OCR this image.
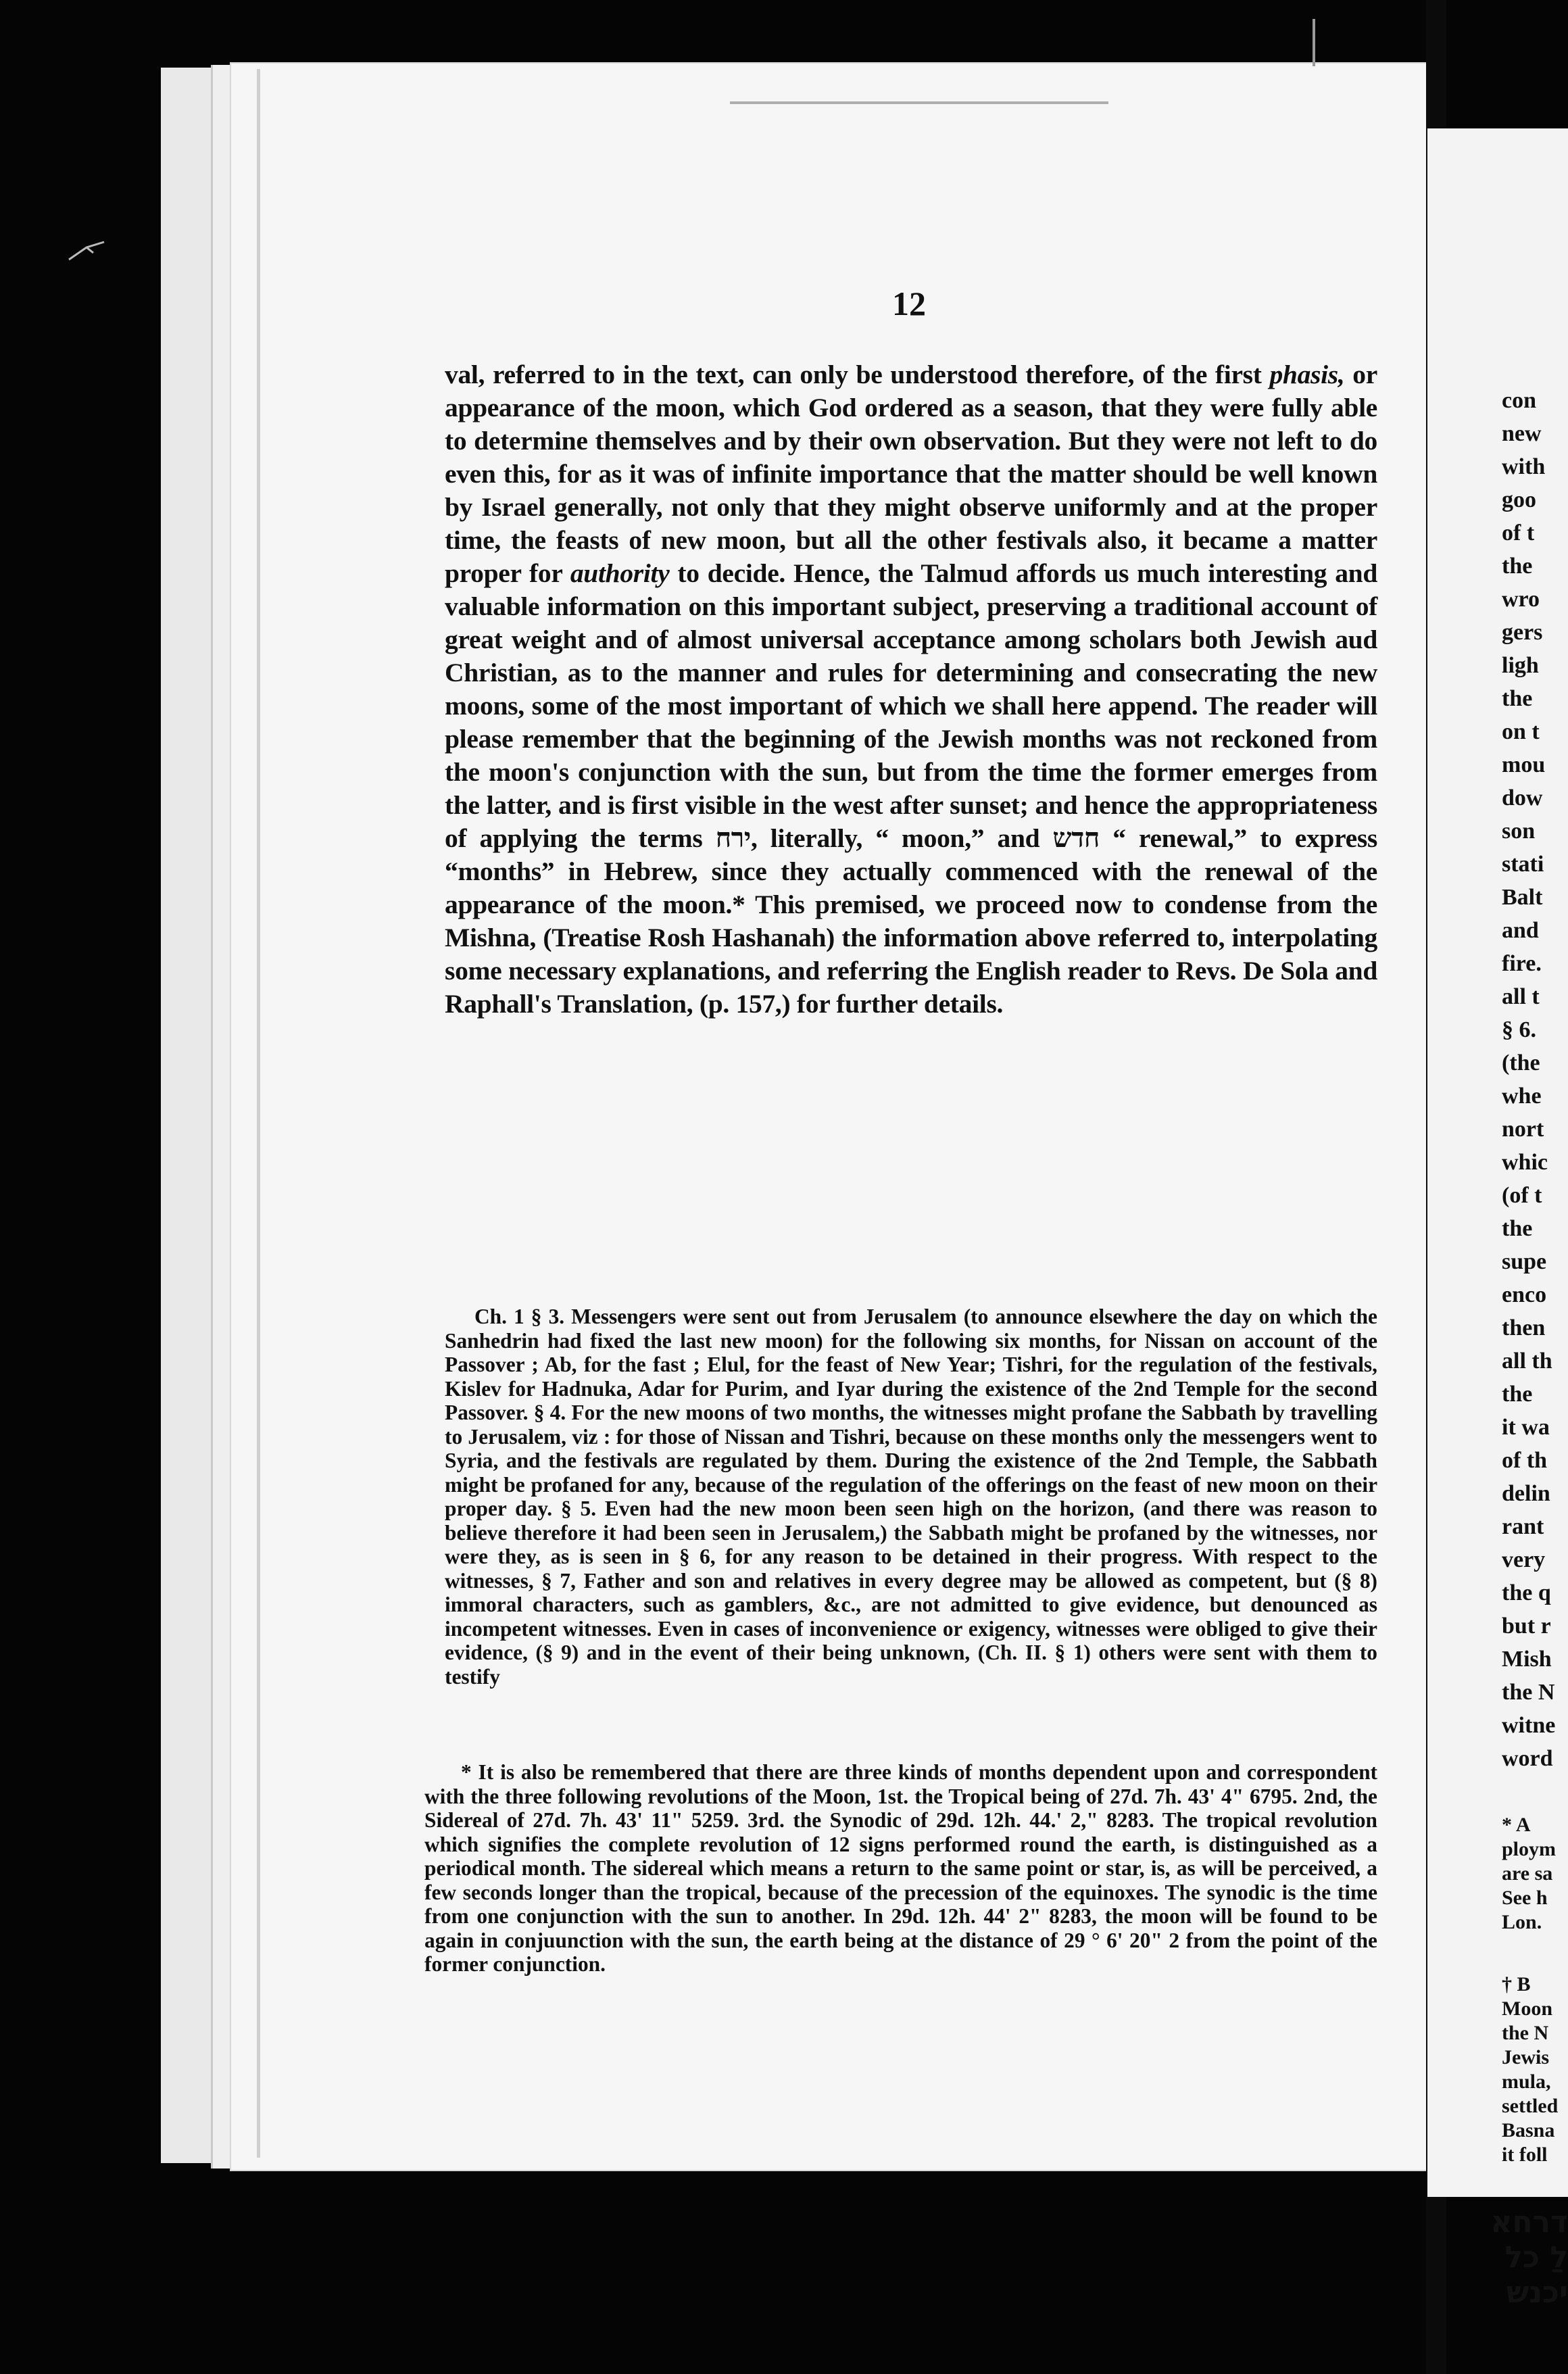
12

val, referred to in the text, can only be understood therefore, of the first phasis, or appearance of the moon, which God ordered as a season, that they were fully able to determine themselves and by their own observation. But they were not left to do even this, for as it was of infinite importance that the matter should be well known by Israel generally, not only that they might observe uniformly and at the proper time, the feasts of new moon, but all the other festivals also, it became a matter proper for authority to decide. Hence, the Talmud affords us much interesting and valuable information on this important subject, preserving a traditional account of great weight and of almost universal acceptance among scholars both Jewish aud Christian, as to the manner and rules for determining and consecrating the new moons, some of the most important of which we shall here append. The reader will please remember that the beginning of the Jewish months was not reckoned from the moon's conjunction with the sun, but from the time the former emerges from the latter, and is first visible in the west after sunset; and hence the appropriateness of applying the terms ירח, literally, “ moon,” and חדש “ renewal,” to express “months” in Hebrew, since they actually commenced with the renewal of the appearance of the moon.* This premised, we proceed now to condense from the Mishna, (Treatise Rosh Hashanah) the information above referred to, interpolating some necessary explanations, and referring the English reader to Revs. De Sola and Raphall's Translation, (p. 157,) for further details.

Ch. 1 § 3. Messengers were sent out from Jerusalem (to announce elsewhere the day on which the Sanhedrin had fixed the last new moon) for the following six months, for Nissan on account of the Passover ; Ab, for the fast ; Elul, for the feast of New Year; Tishri, for the regulation of the festivals, Kislev for Hadnuka, Adar for Purim, and Iyar during the existence of the 2nd Temple for the second Passover. § 4. For the new moons of two months, the witnesses might profane the Sabbath by travelling to Jerusalem, viz : for those of Nissan and Tishri, because on these months only the messengers went to Syria, and the festivals are regulated by them. During the existence of the 2nd Temple, the Sabbath might be profaned for any, because of the regulation of the offerings on the feast of new moon on their proper day. § 5. Even had the new moon been seen high on the horizon, (and there was reason to believe therefore it had been seen in Jerusalem,) the Sabbath might be profaned by the witnesses, nor were they, as is seen in § 6, for any reason to be detained in their progress. With respect to the witnesses, § 7, Father and son and relatives in every degree may be allowed as competent, but (§ 8) immoral characters, such as gamblers, &c., are not admitted to give evidence, but denounced as incompetent witnesses. Even in cases of inconvenience or exigency, witnesses were obliged to give their evidence, (§ 9) and in the event of their being unknown, (Ch. II. § 1) others were sent with them to testify

* It is also be remembered that there are three kinds of months dependent upon and correspondent with the three following revolutions of the Moon, 1st. the Tropical being of 27d. 7h. 43' 4" 6795. 2nd, the Sidereal of 27d. 7h. 43' 11" 5259. 3rd. the Synodic of 29d. 12h. 44.' 2," 8283. The tropical revolution which signifies the complete revolution of 12 signs performed round the earth, is distinguished as a periodical month. The sidereal which means a return to the same point or star, is, as will be perceived, a few seconds longer than the tropical, because of the precession of the equinoxes. The synodic is the time from one conjunction with the sun to another. In 29d. 12h. 44' 2" 8283, the moon will be found to be again in conjuunction with the sun, the earth being at the distance of 29 ° 6' 20" 2 from the point of the former conjunction.

con
new
with
goo
of t
the
wro
gers
ligh
the
on t
mou
dow
son
stati
Balt
and
fire.
all t
§ 6.
(the
whe
nort
whic
(of t
the
supe
enco
then
all th
the
it wa
of th
delin
rant
very
the q
but r
Mish
the N
witne
word
* A
ploym
are sa
See h
Lon.
† B
Moon
the N
Jewis
mula,
settled
Basna
it foll
דרחא
לַ כל
יכנש
